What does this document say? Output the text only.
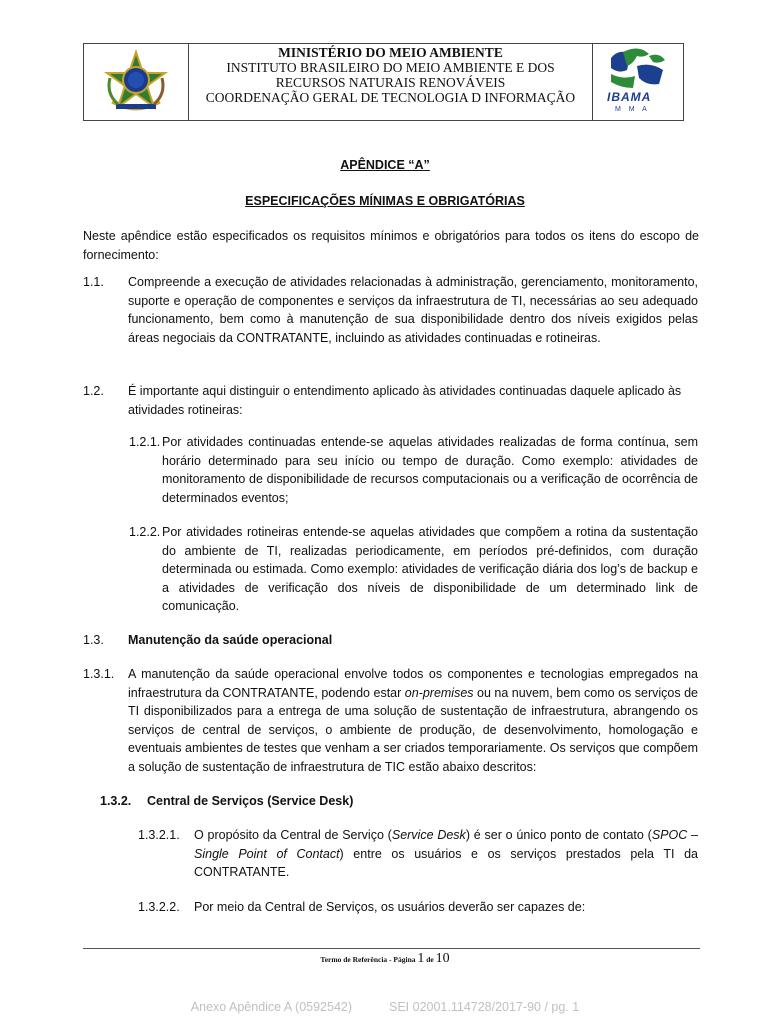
MINISTÉRIO DO MEIO AMBIENTE
INSTITUTO BRASILEIRO DO MEIO AMBIENTE E DOS
RECURSOS NATURAIS RENOVÁVEIS
COORDENAÇÃO GERAL DE TECNOLOGIA D INFORMAÇÃO	IBAMA
M M A
APÊNDICE “A”
ESPECIFICAÇÕES MÍNIMAS E OBRIGATÓRIAS
Neste apêndice estão especificados os requisitos mínimos e obrigatórios para todos os itens do escopo de fornecimento:
1.1. Compreende a execução de atividades relacionadas à administração, gerenciamento, monitoramento, suporte e operação de componentes e serviços da infraestrutura de TI, necessárias ao seu adequado funcionamento, bem como à manutenção de sua disponibilidade dentro dos níveis exigidos pelas áreas negociais da CONTRATANTE, incluindo as atividades continuadas e rotineiras.
1.2. É importante aqui distinguir o entendimento aplicado às atividades continuadas daquele aplicado às atividades rotineiras:
1.2.1. Por atividades continuadas entende-se aquelas atividades realizadas de forma contínua, sem horário determinado para seu início ou tempo de duração. Como exemplo: atividades de monitoramento de disponibilidade de recursos computacionais ou a verificação de ocorrência de determinados eventos;
1.2.2. Por atividades rotineiras entende-se aquelas atividades que compõem a rotina da sustentação do ambiente de TI, realizadas periodicamente, em períodos pré-definidos, com duração determinada ou estimada. Como exemplo: atividades de verificação diária dos log’s de backup e a atividades de verificação dos níveis de disponibilidade de um determinado link de comunicação.
1.3. Manutenção da saúde operacional
1.3.1. A manutenção da saúde operacional envolve todos os componentes e tecnologias empregados na infraestrutura da CONTRATANTE, podendo estar on-premises ou na nuvem, bem como os serviços de TI disponibilizados para a entrega de uma solução de sustentação de infraestrutura, abrangendo os serviços de central de serviços, o ambiente de produção, de desenvolvimento, homologação e eventuais ambientes de testes que venham a ser criados temporariamente. Os serviços que compõem a solução de sustentação de infraestrutura de TIC estão abaixo descritos:
1.3.2. Central de Serviços (Service Desk)
1.3.2.1. O propósito da Central de Serviço (Service Desk) é ser o único ponto de contato (SPOC – Single Point of Contact) entre os usuários e os serviços prestados pela TI da CONTRATANTE.
1.3.2.2. Por meio da Central de Serviços, os usuários deverão ser capazes de:
Termo de Referência - Página 1 de 10
Anexo Apêndice A (0592542)	SEI 02001.114728/2017-90 / pg. 1
